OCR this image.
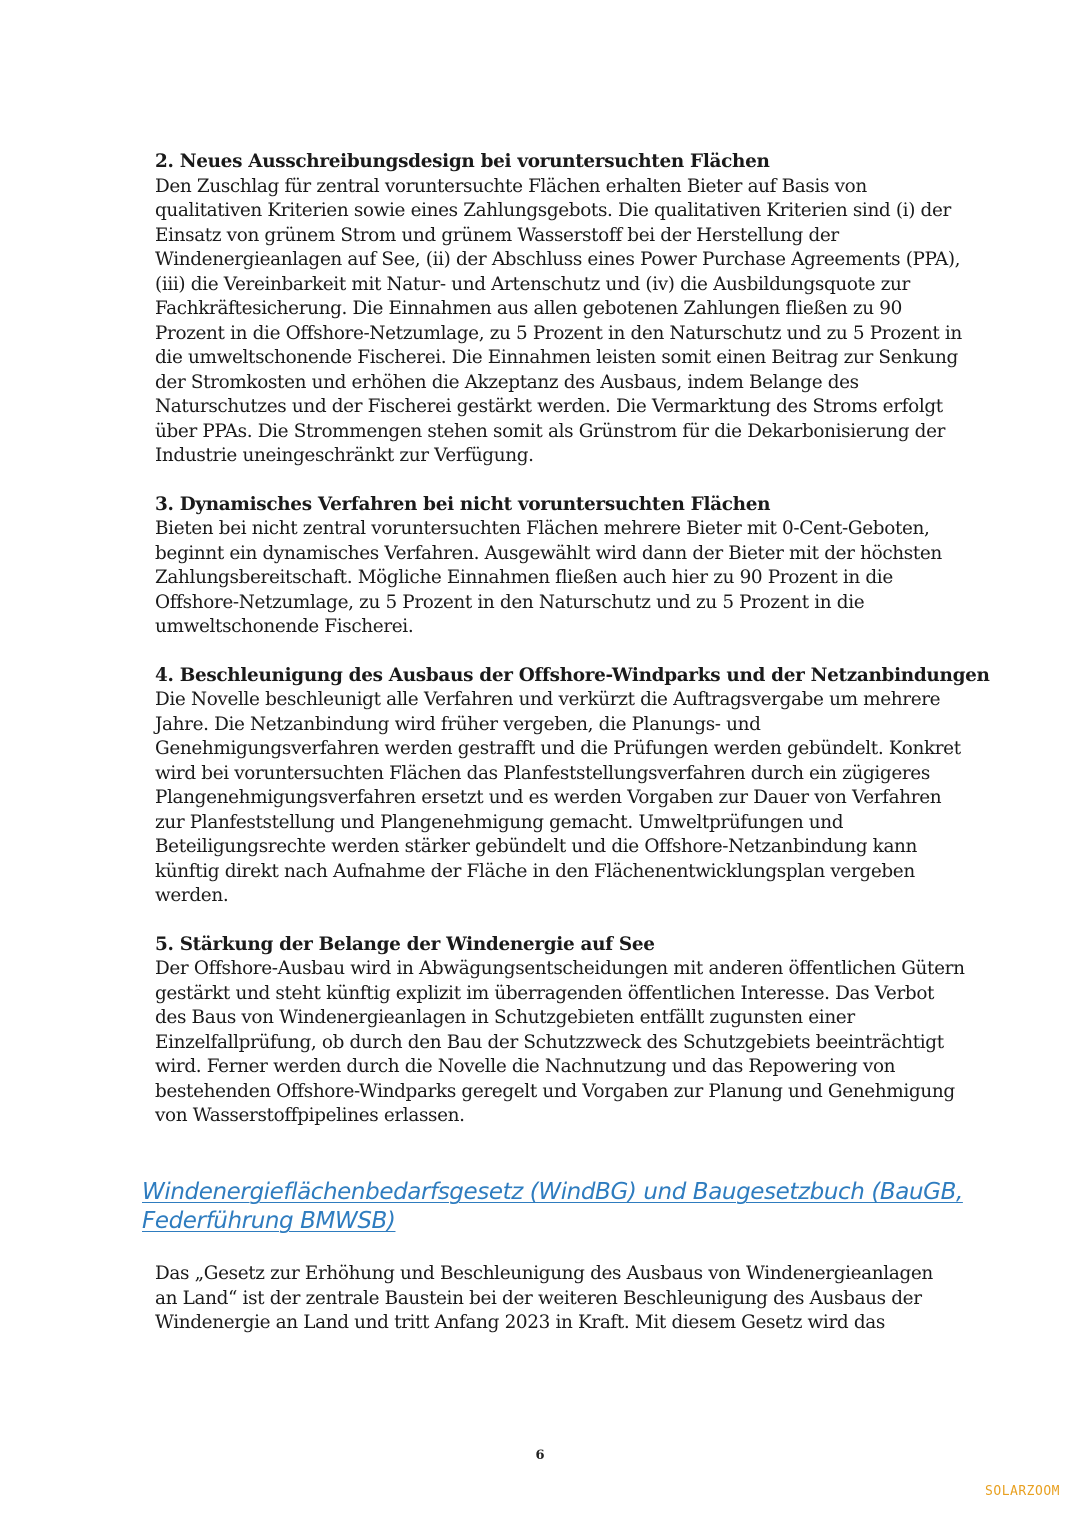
2. Neues Ausschreibungsdesign bei voruntersuchten Flächen

Den Zuschlag für zentral voruntersuchte Flächen erhalten Bieter auf Basis von

qualitativen Kriterien sowie eines Zahlungsgebots. Die qualitativen Kriterien sind (i) der

Einsatz von grünem Strom und grünem Wasserstoff bei der Herstellung der

Windenergieanlagen auf See, (ii) der Abschluss eines Power Purchase Agreements (PPA),

(iii) die Vereinbarkeit mit Natur- und Artenschutz und (iv) die Ausbildungsquote zur

Fachkräftesicherung. Die Einnahmen aus allen gebotenen Zahlungen fließen zu 90

Prozent in die Offshore-Netzumlage, zu 5 Prozent in den Naturschutz und zu 5 Prozent in

die umweltschonende Fischerei. Die Einnahmen leisten somit einen Beitrag zur Senkung

der Stromkosten und erhöhen die Akzeptanz des Ausbaus, indem Belange des

Naturschutzes und der Fischerei gestärkt werden. Die Vermarktung des Stroms erfolgt

über PPAs. Die Strommengen stehen somit als Grünstrom für die Dekarbonisierung der

Industrie uneingeschränkt zur Verfügung.

3. Dynamisches Verfahren bei nicht voruntersuchten Flächen

Bieten bei nicht zentral voruntersuchten Flächen mehrere Bieter mit 0-Cent-Geboten,

beginnt ein dynamisches Verfahren. Ausgewählt wird dann der Bieter mit der höchsten

Zahlungsbereitschaft. Mögliche Einnahmen fließen auch hier zu 90 Prozent in die

Offshore-Netzumlage, zu 5 Prozent in den Naturschutz und zu 5 Prozent in die

umweltschonende Fischerei.

4. Beschleunigung des Ausbaus der Offshore-Windparks und der Netzanbindungen

Die Novelle beschleunigt alle Verfahren und verkürzt die Auftragsvergabe um mehrere

Jahre. Die Netzanbindung wird früher vergeben, die Planungs- und

Genehmigungsverfahren werden gestrafft und die Prüfungen werden gebündelt. Konkret

wird bei voruntersuchten Flächen das Planfeststellungsverfahren durch ein zügigeres

Plangenehmigungsverfahren ersetzt und es werden Vorgaben zur Dauer von Verfahren

zur Planfeststellung und Plangenehmigung gemacht. Umweltprüfungen und

Beteiligungsrechte werden stärker gebündelt und die Offshore-Netzanbindung kann

künftig direkt nach Aufnahme der Fläche in den Flächenentwicklungsplan vergeben

werden.

5. Stärkung der Belange der Windenergie auf See

Der Offshore-Ausbau wird in Abwägungsentscheidungen mit anderen öffentlichen Gütern

gestärkt und steht künftig explizit im überragenden öffentlichen Interesse. Das Verbot

des Baus von Windenergieanlagen in Schutzgebieten entfällt zugunsten einer

Einzelfallprüfung, ob durch den Bau der Schutzzweck des Schutzgebiets beeinträchtigt

wird. Ferner werden durch die Novelle die Nachnutzung und das Repowering von

bestehenden Offshore-Windparks geregelt und Vorgaben zur Planung und Genehmigung

von Wasserstoffpipelines erlassen.

Windenergieflächenbedarfsgesetz (WindBG) und Baugesetzbuch (BauGB,
Federführung BMWSB)

Das „Gesetz zur Erhöhung und Beschleunigung des Ausbaus von Windenergieanlagen

an Land“ ist der zentrale Baustein bei der weiteren Beschleunigung des Ausbaus der

Windenergie an Land und tritt Anfang 2023 in Kraft. Mit diesem Gesetz wird das

6
SOLARZOOM
